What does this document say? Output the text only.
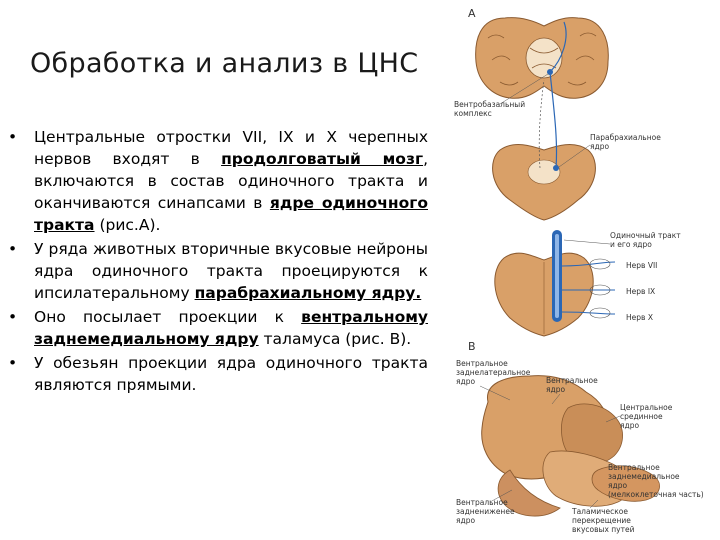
Обработка и анализ в ЦНС

• Центральные отростки VII, IX и X черепных нервов входят в продолговатый мозг, включаются в состав одиночного тракта и оканчиваются синапсами в ядре одиночного тракта (рис.А).

• У ряда животных вторичные вкусовые нейроны ядра одиночного тракта проецируются к ипсилатеральному парабрахиальному ядру.

• Оно посылает проекции к вентральному заднемедиальному ядру таламуса (рис. В).

• У обезьян проекции ядра одиночного тракта являются прямыми.

А
Вентробазальный
комплекс
Парабрахиальное
ядро
Одиночный тракт
и его ядро
Нерв VII
Нерв IX
Нерв X
В
Вентральное
заднелатеральное
ядро	Вентральное
ядро
Центральное
срединное
ядро
Вентральное
заднемедиальное
ядро
(мелкоклеточная часть)
Вентральное
заднениженее
ядро
Таламическое
перекрещение
вкусовых путей
